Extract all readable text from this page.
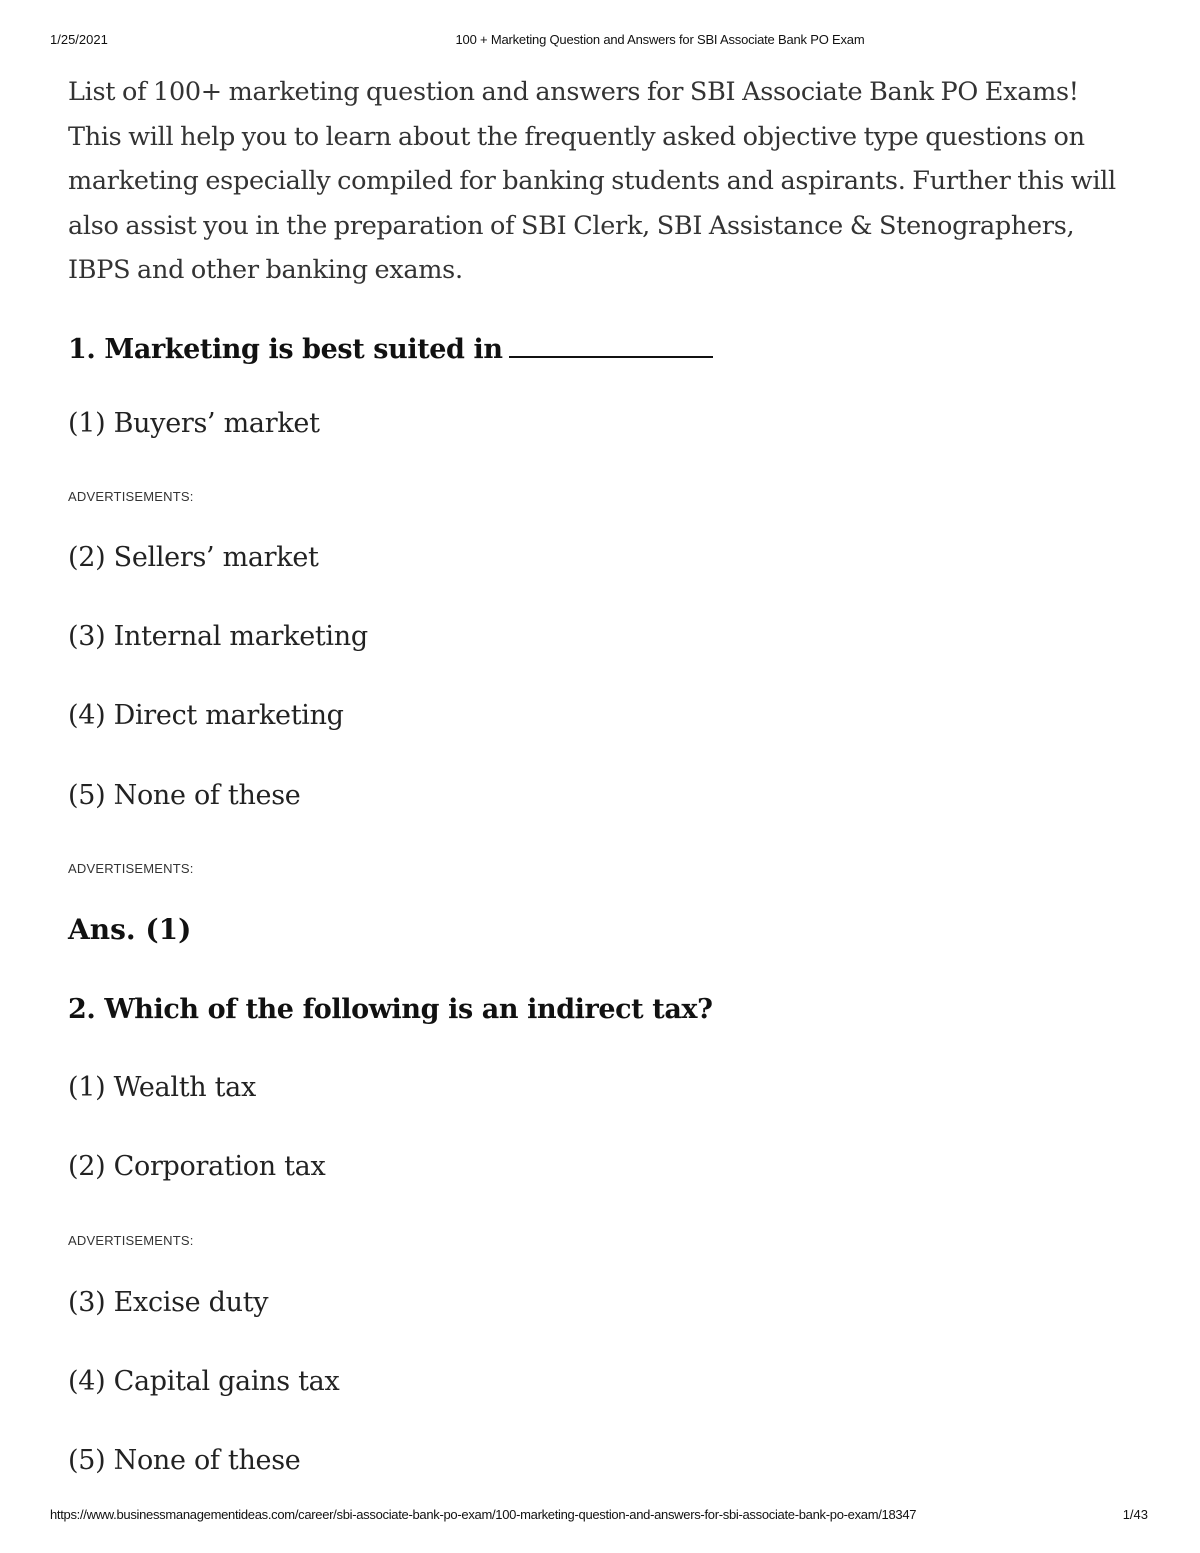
1/25/2021	100 + Marketing Question and Answers for SBI Associate Bank PO Exam

List of 100+ marketing question and answers for SBI Associate Bank PO Exams! This will help you to learn about the frequently asked objective type questions on marketing especially compiled for banking students and aspirants. Further this will also assist you in the preparation of SBI Clerk, SBI Assistance & Stenographers, IBPS and other banking exams.

1. Marketing is best suited in

(1) Buyers’ market

ADVERTISEMENTS:

(2) Sellers’ market

(3) Internal marketing

(4) Direct marketing

(5) None of these

ADVERTISEMENTS:

Ans. (1)

2. Which of the following is an indirect tax?

(1) Wealth tax

(2) Corporation tax

ADVERTISEMENTS:

(3) Excise duty

(4) Capital gains tax

(5) None of these

https://www.businessmanagementideas.com/career/sbi-associate-bank-po-exam/100-marketing-question-and-answers-for-sbi-associate-bank-po-exam/18347	1/43
